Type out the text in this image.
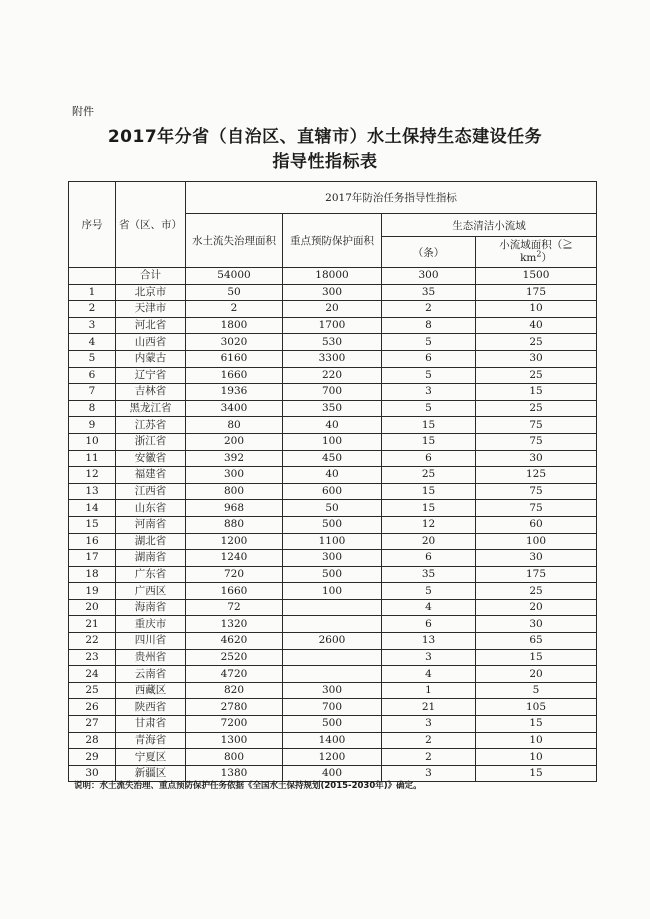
附件
2017年分省（自治区、直辖市）水土保持生态建设任务
指导性指标表
序号	省（区、市）	2017年防治任务指导性指标			
		水土流失治理面积	重点预防保护面积	生态清洁小流域	
				（条）	小流域面积（≧
$km^2$）
	合计	54000	18000	300	1500
1	北京市	50	300	35	175
2	天津市	2	20	2	10
3	河北省	1800	1700	8	40
4	山西省	3020	530	5	25
5	内蒙古	6160	3300	6	30
6	辽宁省	1660	220	5	25
7	吉林省	1936	700	3	15
8	黑龙江省	3400	350	5	25
9	江苏省	80	40	15	75
10	浙江省	200	100	15	75
11	安徽省	392	450	6	30
12	福建省	300	40	25	125
13	江西省	800	600	15	75
14	山东省	968	50	15	75
15	河南省	880	500	12	60
16	湖北省	1200	1100	20	100
17	湖南省	1240	300	6	30
18	广东省	720	500	35	175
19	广西区	1660	100	5	25
20	海南省	72		4	20
21	重庆市	1320		6	30
22	四川省	4620	2600	13	65
23	贵州省	2520		3	15
24	云南省	4720		4	20
25	西藏区	820	300	1	5
26	陕西省	2780	700	21	105
27	甘肃省	7200	500	3	15
28	青海省	1300	1400	2	10
29	宁夏区	800	1200	2	10
30	新疆区	1380	400	3	15
说明：水土流失治理、重点预防保护任务依据《全国水土保持规划(2015-2030年)》确定。
